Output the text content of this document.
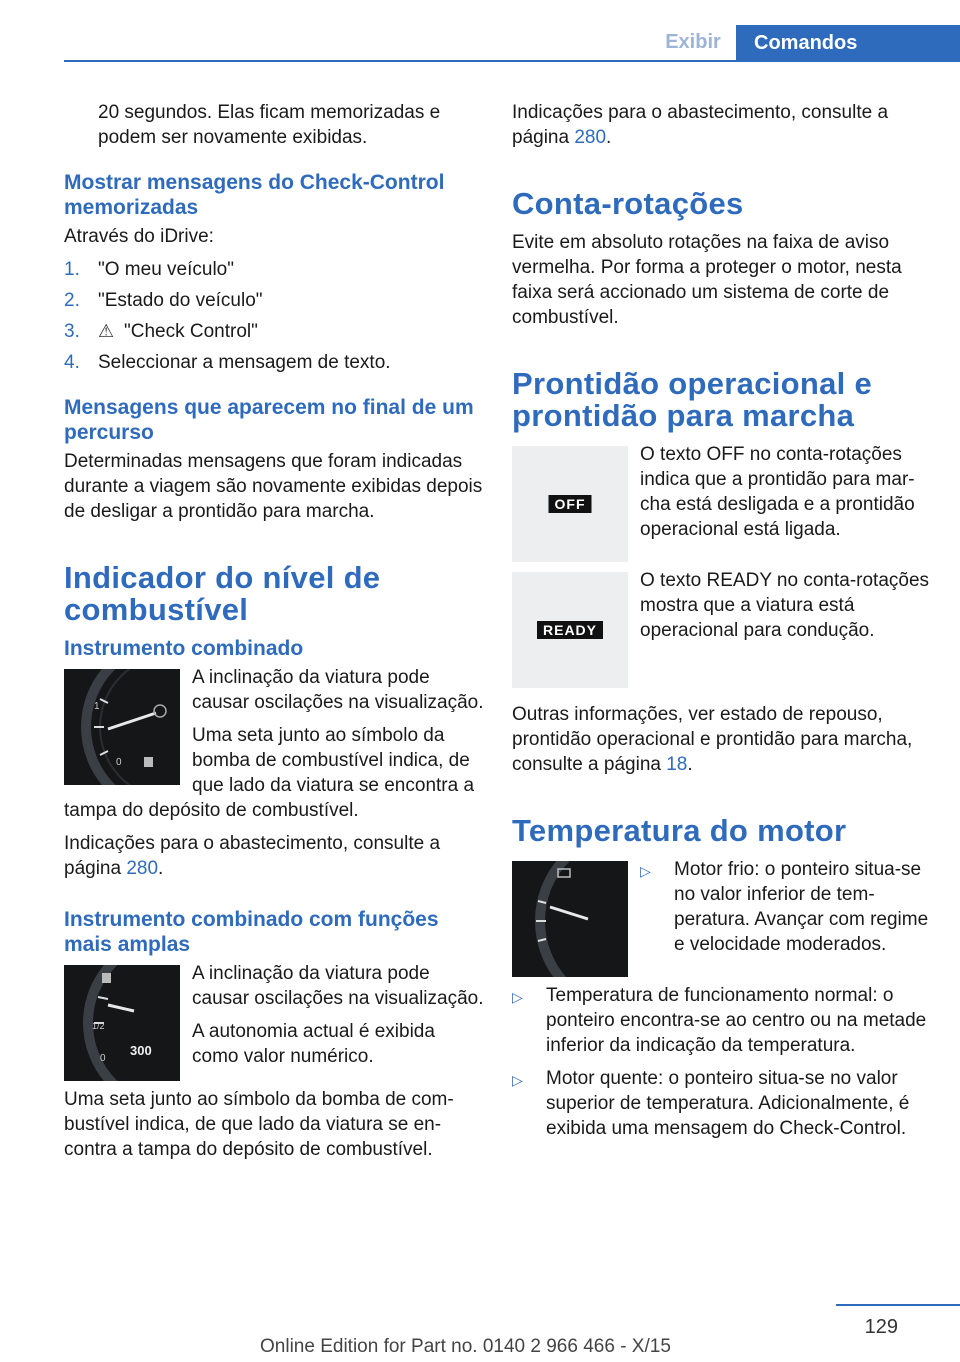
Exibir	Comandos

20 segundos. Elas ficam memorizadas e podem ser novamente exibidas.

Mostrar mensagens do Check-Control memorizadas

Através do iDrive:

1. "O meu veículo"
2. "Estado do veículo"
3.	⚠ "Check Control"
4. Seleccionar a mensagem de texto.
Mensagens que aparecem no final de um percurso

Determinadas mensagens que foram indicadas durante a viagem são novamente exibidas depois de desligar a prontidão para marcha.

Indicador do nível de combustível
Instrumento combinado
0
1

A inclinação da viatura pode causar oscilações na visualização.

Uma seta junto ao símbolo da bomba de combustível indica, de que lado da viatura se encontra a tampa do depósito de combustível.

Indicações para o abastecimento, consulte a página 280.

Instrumento combinado com funções mais amplas
1/2
0
300

A inclinação da viatura pode causar oscilações na visualização.

A autonomia actual é exibida como valor numérico.

Uma seta junto ao símbolo da bomba de combustível indica, de que lado da viatura se encontra a tampa do depósito de combustível.

Indicações para o abastecimento, consulte a página 280.

Conta-rotações

Evite em absoluto rotações na faixa de aviso vermelha. Por forma a proteger o motor, nesta faixa será accionado um sistema de corte de combustível.

Prontidão operacional e prontidão para marcha
OFF

O texto OFF no conta-rotações indica que a prontidão para marcha está desligada e a prontidão operacional está ligada.

READY

O texto READY no conta-rotações mostra que a viatura está operacional para condução.

Outras informações, ver estado de repouso, prontidão operacional e prontidão para marcha, consulte a página 18.

Temperatura do motor
▷	Motor frio: o ponteiro situa-se no valor inferior de temperatura. Avançar com regime e velocidade moderados.
▷	Temperatura de funcionamento normal: o ponteiro encontra-se ao centro ou na metade inferior da indicação da temperatura.
▷	Motor quente: o ponteiro situa-se no valor superior de temperatura. Adicionalmente, é exibida uma mensagem do Check-Control.
129
Online Edition for Part no. 0140 2 966 466 - X/15
